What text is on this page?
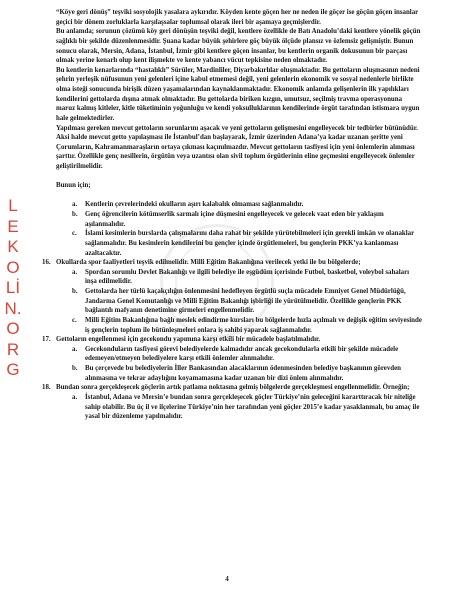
LEKOLİN.ORG

“Köye geri dönüş” teşviki sosyolojik yasalara aykırıdır. Köyden kente göçen her ne neden ile göçer ise göçün göçen insanlar geçici bir dönem zorluklarla karşılaşsalar toplumsal olarak ileri bir aşamaya geçmişlerdir.

Bu anlamda; sorunun çözümü köy geri dönüşün teşviki değil, kentlere özellikle de Batı Anadolu’daki kentlere yönelik göçün sağlıklı bir şekilde düzenlenmesidir. Şuana kadar büyük şehirlere göç büyük ölçüde plansız ve özlemsiz gelişmiştir. Bunun sonucu olarak, Mersin, Adana, İstanbul, İzmir gibi kentlere göçen insanlar, bu kentlerin organik dokusunun bir parçası olmak yerine kenarlı olup kent ilişmekte ve kente yabancı vücut tepkisine neden olmaktadır.

Bu kentlerin kenarlarında “hastalıklı” Sürüler, Mardinliler, Diyarbakırlılar oluşmaktadır. Bu gettoların oluşmasının nedeni şehrin yerleşik nüfusunun yeni gelenleri içine kabul etmemesi değil, yeni gelenlerin ekonomik ve sosyal nedenlerle birlikte olma isteği sonucunda birişik düzen yaşamalarından kaynaklanmaktadır. Ekonomik anlamda gelişenlerin ilk yapılıkları kendilerini gettolarda dışına atmak olmaktadır. Bu gettolarda biriken kızgın, umutsuz, seçilmiş travma operasyonuna maruz kalmış kitleler, kitle tüketiminin yoğunluğu ve kendi yoksulluklarının kendilerinde örgüt tarafından istismara uygun hale gelmektedirler.

Yapılması gereken mevcut gettoların sorunlarını aşacak ve yeni gettoların gelişmesini engelleyecek bir tedbirler bütünüdür. Aksi halde mevcut getto yapılaşması ile İstanbul’dan başlayarak, İzmir üzerinden Adana’ya kadar uzanan şeritte yeni Çorumların, Kahramanmaraşların ortaya çıkması kaçınılmazdır. Mevcut gettoların tasfiyesi için yeni önlemlerin alınması şarttır. Özellikle genç nesillerin, örgütün veya uzantısı olan sivil toplum örgütlerinin eline geçmesini engelleyecek önlemler geliştirilmelidir.

Bunun için;

a. Kentlerin çevrelerindeki okulların aşırı kalabalık olmaması sağlanmalıdır.
b. Genç öğrencilerin kötümserlik sarmalı içine düşmesini engelleyecek ve gelecek vaat eden bir yaklaşım aşılanmalıdır.
c. İslami kesimlerin burslarda çalışmalarını daha rahat bir şekilde yürütebilmeleri için gerekli imkân ve olanaklar sağlanmalıdır. Bu kesimlerin kendilerini bu gençler içinde örgütlemeleri, bu gençlerin PKK’ya kanlanması azaltacaktır.
16. Okullarda spor faaliyetleri teşvik edilmelidir. Milli Eğitim Bakanlığına verilecek yetki ile bu bölgelerde;
a. Spordan sorumlu Devlet Bakanlığı ve ilgili belediye ile eşgüdüm içerisinde Futbol, basketbol, voleybol sahaları inşa edilmelidir.
b. Gettolarda her türlü kaçakçılığın önlenmesini hedefleyen örgütlü suçla mücadele Emniyet Genel Müdürlüğü, Jandarma Genel Komutanlığı ve Milli Eğitim Bakanlığı işbirliği ile yürütülmelidir. Özellikle gençlerin PKK bağlantılı mafyanın denetimine girmeleri engellenmelidir.
c. Milli Eğitim Bakanlığına bağlı meslek edindirme kursları bu bölgelerde hızla açılmalı ve değişik eğitim seviyesinde iş gençlerin toplum ile bütünleşmeleri onlara iş sahibi yaparak sağlanmalıdır.
17. Gettoların engellenmesi için gecekondu yapımına karşı etkili bir mücadele başlatılmalıdır.
a. Gecekonduların tasfiyesi görevi belediyelerde kalmadıdır ancak gecekondularla etkili bir şekilde mücadele edemeyen/etmeyen belediyelere karşı etkili önlemler alınmalıdır.
b. Bu çerçevede bu belediyelerin İller Bankasından alacaklarının ödenmesinden belediye başkanının görevden alınmasına ve tekrar adaylığını koyamamasına kadar uzanan bir dizi önlem alınmalıdır.
18. Bundan sonra gerçekleşecek göçlerin artık patlama noktasına gelmiş bölgelerde gerçekleşmesi engellenmelidir. Örneğin;
a. İstanbul, Adana ve Mersin’e bundan sonra gerçekleşecek göçler Türkiye’nin geleceğini kararttıracak bir niteliğe sahip olabilir. Bu üç il ve ilçelerine Türkiye’nin her tarafından yeni göçler 2015’e kadar yasaklanmalı, bu amaç ile yasal bir düzenleme yapılmalıdır.
4
